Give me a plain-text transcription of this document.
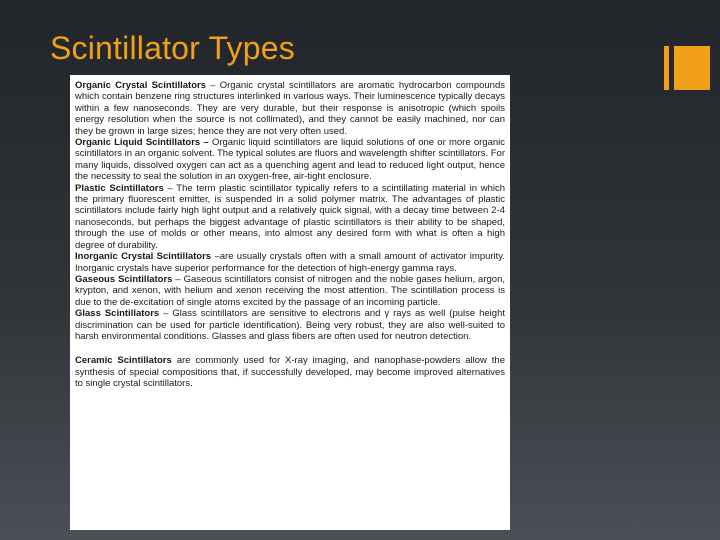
Scintillator Types

Organic Crystal Scintillators – Organic crystal scintillators are aromatic hydrocarbon compounds which contain benzene ring structures interlinked in various ways. Their luminescence typically decays within a few nanoseconds. They are very durable, but their response is anisotropic (which spoils energy resolution when the source is not collimated), and they cannot be easily machined, nor can they be grown in large sizes; hence they are not very often used.

Organic Liquid Scintillators – Organic liquid scintillators are liquid solutions of one or more organic scintillators in an organic solvent. The typical solutes are fluors and wavelength shifter scintillators. For many liquids, dissolved oxygen can act as a quenching agent and lead to reduced light output, hence the necessity to seal the solution in an oxygen-free, air-tight enclosure.

Plastic Scintillators – The term plastic scintillator typically refers to a scintillating material in which the primary fluorescent emitter, is suspended in a solid polymer matrix. The advantages of plastic scintillators include fairly high light output and a relatively quick signal, with a decay time between 2-4 nanoseconds, but perhaps the biggest advantage of plastic scintillators is their ability to be shaped, through the use of molds or other means, into almost any desired form with what is often a high degree of durability.

Inorganic Crystal Scintillators –are usually crystals often with a small amount of activator impurity. Inorganic crystals have superior performance for the detection of high-energy gamma rays.

Gaseous Scintillators – Gaseous scintillators consist of nitrogen and the noble gases helium, argon, krypton, and xenon, with helium and xenon receiving the most attention. The scintillation process is due to the de-excitation of single atoms excited by the passage of an incoming particle.

Glass Scintillators – Glass scintillators are sensitive to electrons and γ rays as well (pulse height discrimination can be used for particle identification). Being very robust, they are also well-suited to harsh environmental conditions. Glasses and glass fibers are often used for neutron detection.

Ceramic Scintillators are commonly used for X-ray imaging, and nanophase-powders allow the synthesis of special compositions that, if successfully developed, may become improved alternatives to single crystal scintillators.
